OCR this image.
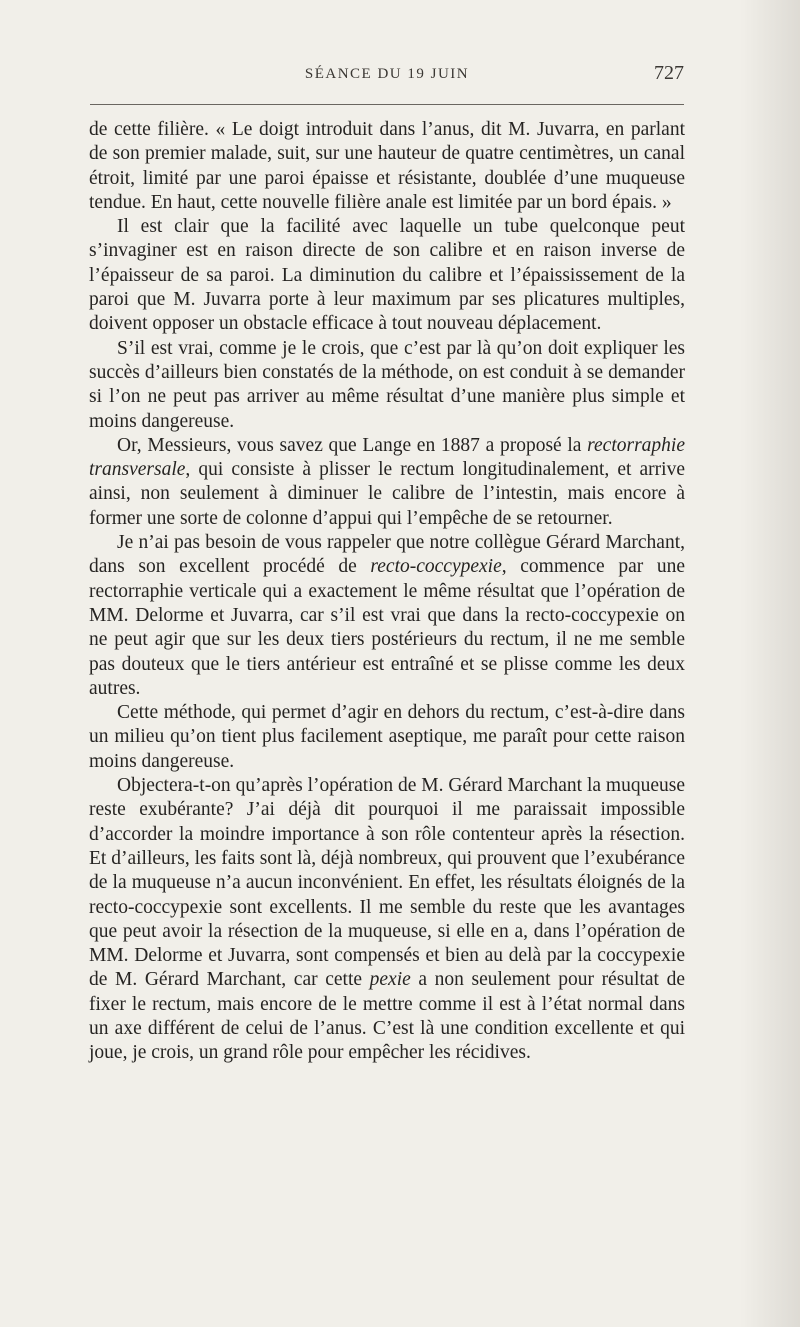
SÉANCE DU 19 JUIN	727

de cette filière. « Le doigt introduit dans l’anus, dit M. Juvarra, en parlant de son premier malade, suit, sur une hauteur de quatre centimètres, un canal étroit, limité par une paroi épaisse et résistante, doublée d’une muqueuse tendue. En haut, cette nouvelle filière anale est limitée par un bord épais. »

Il est clair que la facilité avec laquelle un tube quelconque peut s’invaginer est en raison directe de son calibre et en raison inverse de l’épaisseur de sa paroi. La diminution du calibre et l’épaississement de la paroi que M. Juvarra porte à leur maximum par ses plicatures multiples, doivent opposer un obstacle efficace à tout nouveau déplacement.

S’il est vrai, comme je le crois, que c’est par là qu’on doit expliquer les succès d’ailleurs bien constatés de la méthode, on est conduit à se demander si l’on ne peut pas arriver au même résultat d’une manière plus simple et moins dangereuse.

Or, Messieurs, vous savez que Lange en 1887 a proposé la rectorraphie transversale, qui consiste à plisser le rectum longitudinalement, et arrive ainsi, non seulement à diminuer le calibre de l’intestin, mais encore à former une sorte de colonne d’appui qui l’empêche de se retourner.

Je n’ai pas besoin de vous rappeler que notre collègue Gérard Marchant, dans son excellent procédé de recto-coccypexie, commence par une rectorraphie verticale qui a exactement le même résultat que l’opération de MM. Delorme et Juvarra, car s’il est vrai que dans la recto-coccypexie on ne peut agir que sur les deux tiers postérieurs du rectum, il ne me semble pas douteux que le tiers antérieur est entraîné et se plisse comme les deux autres.

Cette méthode, qui permet d’agir en dehors du rectum, c’est-à-dire dans un milieu qu’on tient plus facilement aseptique, me paraît pour cette raison moins dangereuse.

Objectera-t-on qu’après l’opération de M. Gérard Marchant la muqueuse reste exubérante? J’ai déjà dit pourquoi il me paraissait impossible d’accorder la moindre importance à son rôle contenteur après la résection. Et d’ailleurs, les faits sont là, déjà nombreux, qui prouvent que l’exubérance de la muqueuse n’a aucun inconvénient. En effet, les résultats éloignés de la recto-coccypexie sont excellents. Il me semble du reste que les avantages que peut avoir la résection de la muqueuse, si elle en a, dans l’opération de MM. Delorme et Juvarra, sont compensés et bien au delà par la coccypexie de M. Gérard Marchant, car cette pexie a non seulement pour résultat de fixer le rectum, mais encore de le mettre comme il est à l’état normal dans un axe différent de celui de l’anus. C’est là une condition excellente et qui joue, je crois, un grand rôle pour empêcher les récidives.
